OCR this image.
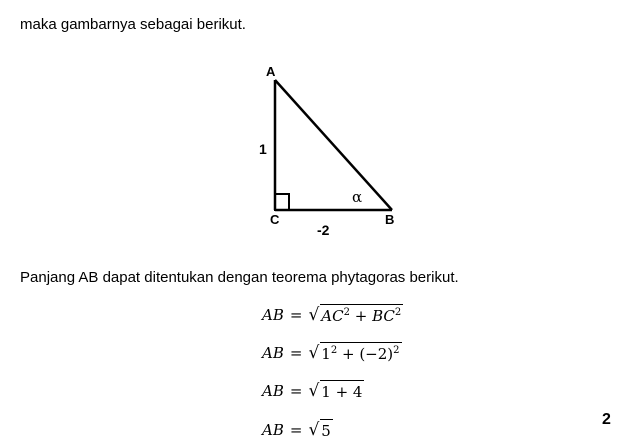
maka gambarnya sebagai berikut.
A
C	B
1
-2
α
Panjang AB dapat ditentukan dengan teorema phytagoras berikut.
AB = √ $AC^2 + BC^2$
AB = √ $1^2 + (-2)^2$
AB = √ 1 + 4
AB = √ 5
2
